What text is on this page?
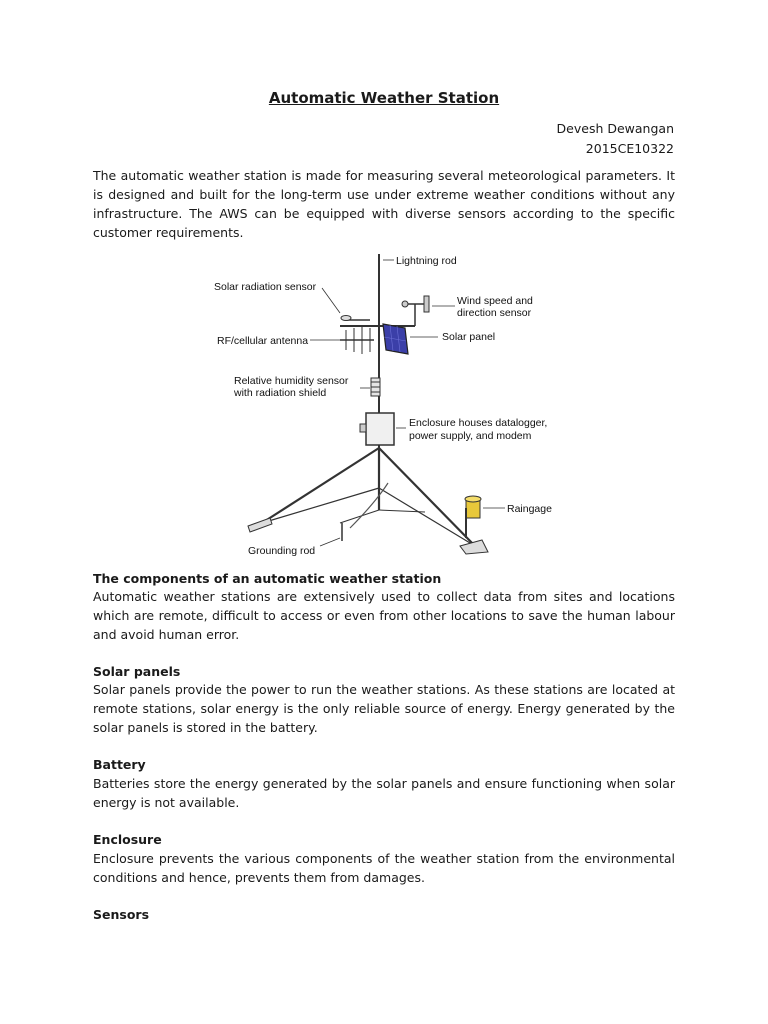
Automatic Weather Station
Devesh Dewangan
2015CE10322

The automatic weather station is made for measuring several meteorological parameters. It is designed and built for the long-term use under extreme weather conditions without any infrastructure. The AWS can be equipped with diverse sensors according to the specific customer requirements.

Lightning rod
Solar radiation sensor
Wind speed and
direction sensor
RF/cellular antenna	Solar panel
Relative humidity sensor
with radiation shield
Enclosure houses datalogger,
power supply, and modem
Raingage
Grounding rod
The components of an automatic weather station

Automatic weather stations are extensively used to collect data from sites and locations which are remote, difficult to access or even from other locations to save the human labour and avoid human error.

Solar panels

Solar panels provide the power to run the weather stations. As these stations are located at remote stations, solar energy is the only reliable source of energy. Energy generated by the solar panels is stored in the battery.

Battery

Batteries store the energy generated by the solar panels and ensure functioning when solar energy is not available.

Enclosure

Enclosure prevents the various components of the weather station from the environmental conditions and hence, prevents them from damages.

Sensors
